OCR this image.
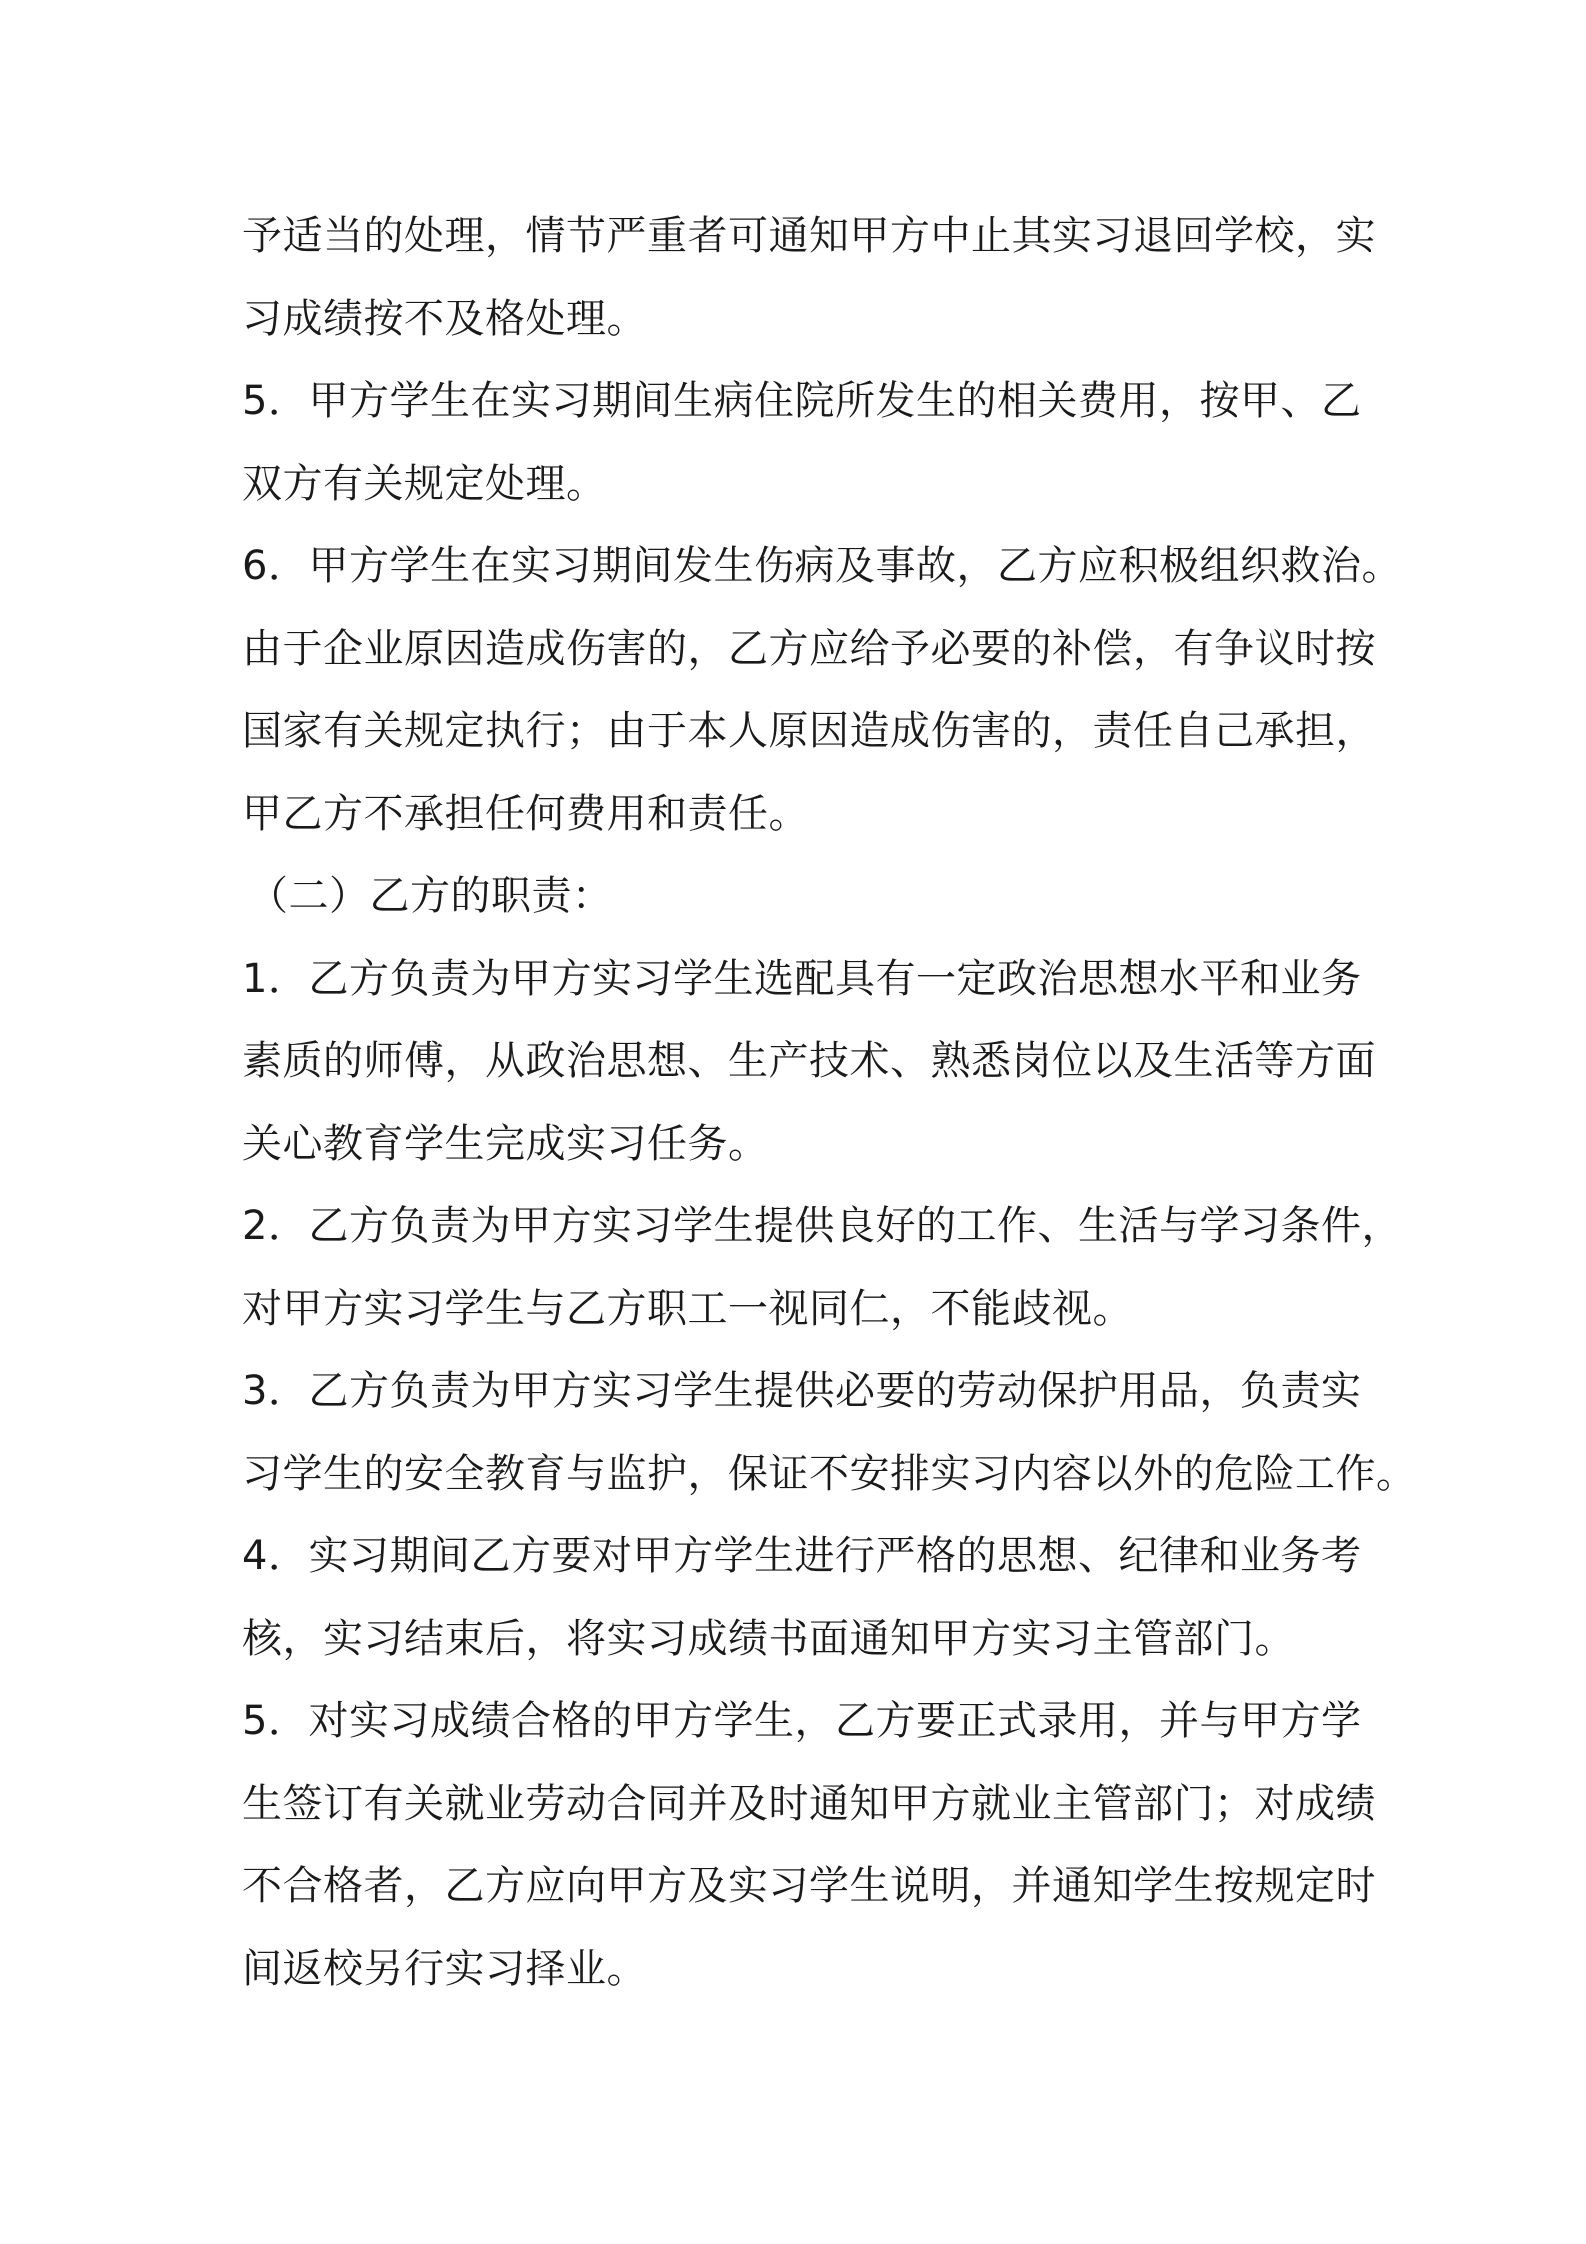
予适当的处理，情节严重者可通知甲方中止其实习退回学校，实
习成绩按不及格处理。
5．甲方学生在实习期间生病住院所发生的相关费用，按甲、乙
双方有关规定处理。
6．甲方学生在实习期间发生伤病及事故，乙方应积极组织救治。
由于企业原因造成伤害的，乙方应给予必要的补偿，有争议时按
国家有关规定执行；由于本人原因造成伤害的，责任自己承担，
甲乙方不承担任何费用和责任。
（二）乙方的职责：
1．乙方负责为甲方实习学生选配具有一定政治思想水平和业务
素质的师傅，从政治思想、生产技术、熟悉岗位以及生活等方面
关心教育学生完成实习任务。
2．乙方负责为甲方实习学生提供良好的工作、生活与学习条件，
对甲方实习学生与乙方职工一视同仁，不能歧视。
3．乙方负责为甲方实习学生提供必要的劳动保护用品，负责实
习学生的安全教育与监护，保证不安排实习内容以外的危险工作。
4．实习期间乙方要对甲方学生进行严格的思想、纪律和业务考
核，实习结束后，将实习成绩书面通知甲方实习主管部门。
5．对实习成绩合格的甲方学生，乙方要正式录用，并与甲方学
生签订有关就业劳动合同并及时通知甲方就业主管部门；对成绩
不合格者，乙方应向甲方及实习学生说明，并通知学生按规定时
间返校另行实习择业。
